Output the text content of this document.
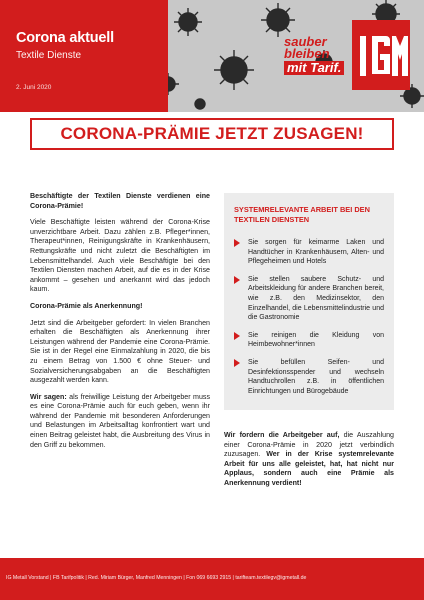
Corona aktuell
Textile Dienste
2. Juni 2020
sauber
bleiben
mit Tarif.
CORONA-PRÄMIE JETZT ZUSAGEN!

Beschäftigte der Textilen Dienste verdienen eine Corona-Prämie!

Viele Beschäftigte leisten während der Corona-Krise unverzichtbare Arbeit. Dazu zählen z.B. Pfleger*innen, Therapeut*innen, Reinigungskräfte in Krankenhäusern, Rettungskräfte und nicht zuletzt die Beschäftigten im Lebensmittelhandel. Auch viele Beschäftigte bei den Textilen Diensten machen Arbeit, auf die es in der Krise ankommt – gesehen und anerkannt wird das jedoch kaum.

Corona-Prämie als Anerkennung!

Jetzt sind die Arbeitgeber gefordert: In vielen Branchen erhalten die Beschäftigten als Anerkennung ihrer Leistungen während der Pandemie eine Corona-Prämie. Sie ist in der Regel eine Einmalzahlung in 2020, die bis zu einem Betrag von 1.500 € ohne Steuer- und Sozialversicherungsabgaben an die Beschäftigten ausgezahlt werden kann.

Wir sagen: als freiwillige Leistung der Arbeitgeber muss es eine Corona-Prämie auch für euch geben, wenn ihr während der Pandemie mit besonderen Anforderungen und Belastungen im Arbeitsalltag konfrontiert wart und einen Beitrag geleistet habt, die Ausbreitung des Virus in den Griff zu bekommen.

SYSTEMRELEVANTE ARBEIT BEI DEN TEXTILEN DIENSTEN
Sie sorgen für keimarme Laken und Handtücher in Krankenhäusern, Alten- und Pflegeheimen und Hotels
Sie stellen saubere Schutz- und Arbeitskleidung für andere Branchen bereit, wie z.B. den Medizinsektor, den Einzelhandel, die Lebensmittelindustrie und die Gastronomie
Sie reinigen die Kleidung von Heimbewohner*innen
Sie befüllen Seifen- und Desinfektionsspender und wechseln Handtuchrollen z.B. in öffentlichen Einrichtungen und Bürogebäude
Wir fordern die Arbeitgeber auf, die Auszahlung einer Corona-Prämie in 2020 jetzt verbindlich zuzusagen. Wer in der Krise systemrelevante Arbeit für uns alle geleistet, hat, hat nicht nur Applaus, sondern auch eine Prämie als Anerkennung verdient!
IG Metall Vorstand | FB Tarifpolitik | Red. Miriam Bürger, Manfred Menningen | Fon 069 6693 2915 | tarifteam.textilegv@igmetall.de
